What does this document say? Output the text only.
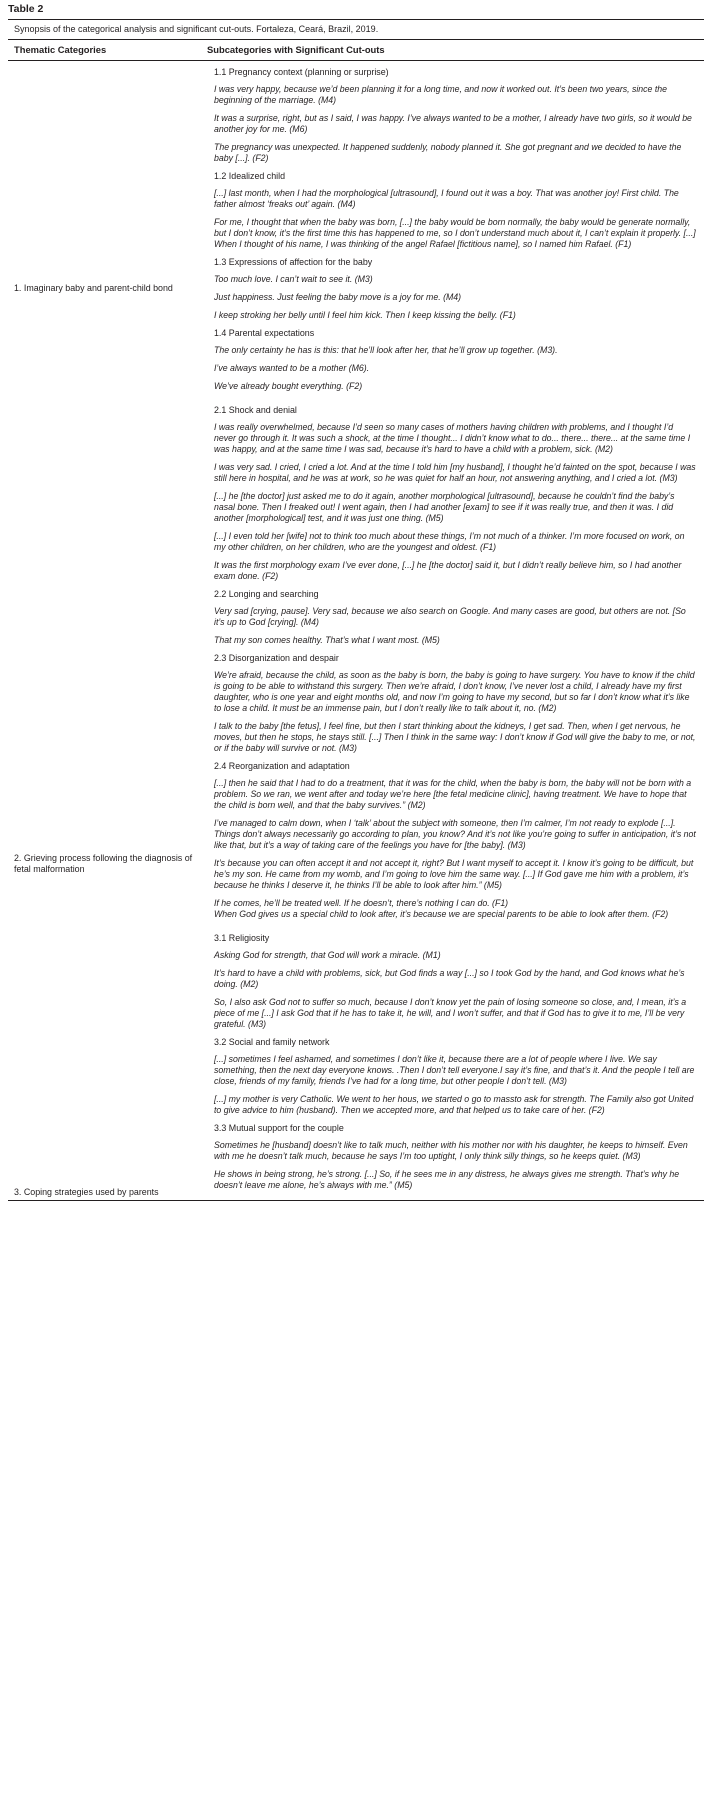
Table 2
Synopsis of the categorical analysis and significant cut-outs. Fortaleza, Ceará, Brazil, 2019.
Thematic Categories	Subcategories with Significant Cut-outs
1. Imaginary baby and parent-child bond
1.1 Pregnancy context (planning or surprise)
I was very happy, because we’d been planning it for a long time, and now it worked out. It’s been two years, since the beginning of the marriage. (M4)
It was a surprise, right, but as I said, I was happy. I’ve always wanted to be a mother, I already have two girls, so it would be another joy for me. (M6)
The pregnancy was unexpected. It happened suddenly, nobody planned it. She got pregnant and we decided to have the baby [...]. (F2)
1.2 Idealized child
[...] last month, when I had the morphological [ultrasound], I found out it was a boy. That was another joy! First child. The father almost ‘freaks out’ again. (M4)
For me, I thought that when the baby was born, [...] the baby would be born normally, the baby would be generate normally, but I don’t know, it’s the first time this has happened to me, so I don’t understand much about it, I can’t explain it properly. [...] When I thought of his name, I was thinking of the angel Rafael [fictitious name], so I named him Rafael. (F1)
1.3 Expressions of affection for the baby
Too much love. I can’t wait to see it. (M3)
Just happiness. Just feeling the baby move is a joy for me. (M4)
I keep stroking her belly until I feel him kick. Then I keep kissing the belly. (F1)
1.4 Parental expectations
The only certainty he has is this: that he’ll look after her, that he’ll grow up together. (M3).
I’ve always wanted to be a mother (M6).
We’ve already bought everything. (F2)
2. Grieving process following the diagnosis of fetal malformation
2.1 Shock and denial
I was really overwhelmed, because I’d seen so many cases of mothers having children with problems, and I thought I’d never go through it. It was such a shock, at the time I thought... I didn’t know what to do... there... there... at the same time I was happy, and at the same time I was sad, because it’s hard to have a child with a problem, sick. (M2)
I was very sad. I cried, I cried a lot. And at the time I told him [my husband], I thought he’d fainted on the spot, because I was still here in hospital, and he was at work, so he was quiet for half an hour, not answering anything, and I cried a lot. (M3)
[...] he [the doctor] just asked me to do it again, another morphological [ultrasound], because he couldn’t find the baby’s nasal bone. Then I freaked out! I went again, then I had another [exam] to see if it was really true, and then it was. I did another [morphological] test, and it was just one thing. (M5)
[...] I even told her [wife] not to think too much about these things, I’m not much of a thinker. I’m more focused on work, on my other children, on her children, who are the youngest and oldest. (F1)
It was the first morphology exam I’ve ever done, [...] he [the doctor] said it, but I didn’t really believe him, so I had another exam done. (F2)
2.2 Longing and searching
Very sad [crying, pause]. Very sad, because we also search on Google. And many cases are good, but others are not. [So it’s up to God [crying]. (M4)
That my son comes healthy. That’s what I want most. (M5)
2.3 Disorganization and despair
We’re afraid, because the child, as soon as the baby is born, the baby is going to have surgery. You have to know if the child is going to be able to withstand this surgery. Then we’re afraid, I don’t know, I’ve never lost a child, I already have my first daughter, who is one year and eight months old, and now I’m going to have my second, but so far I don’t know what it’s like to lose a child. It must be an immense pain, but I don’t really like to talk about it, no. (M2)
I talk to the baby [the fetus], I feel fine, but then I start thinking about the kidneys, I get sad. Then, when I get nervous, he moves, but then he stops, he stays still. [...] Then I think in the same way: I don’t know if God will give the baby to me, or not, or if the baby will survive or not. (M3)
2.4 Reorganization and adaptation
[...] then he said that I had to do a treatment, that it was for the child, when the baby is born, the baby will not be born with a problem. So we ran, we went after and today we’re here [the fetal medicine clinic], having treatment. We have to hope that the child is born well, and that the baby survives.” (M2)
I’ve managed to calm down, when I ‘talk’ about the subject with someone, then I’m calmer, I’m not ready to explode [...]. Things don’t always necessarily go according to plan, you know? And it’s not like you’re going to suffer in anticipation, it’s not like that, but it’s a way of taking care of the feelings you have for [the baby]. (M3)
It’s because you can often accept it and not accept it, right? But I want myself to accept it. I know it’s going to be difficult, but he’s my son. He came from my womb, and I’m going to love him the same way. [...] If God gave me him with a problem, it’s because he thinks I deserve it, he thinks I’ll be able to look after him.” (M5)
If he comes, he’ll be treated well. If he doesn’t, there’s nothing I can do. (F1)
When God gives us a special child to look after, it’s because we are special parents to be able to look after them. (F2)
3. Coping strategies used by parents
3.1 Religiosity
Asking God for strength, that God will work a miracle. (M1)
It’s hard to have a child with problems, sick, but God finds a way [...] so I took God by the hand, and God knows what he’s doing. (M2)
So, I also ask God not to suffer so much, because I don’t know yet the pain of losing someone so close, and, I mean, it’s a piece of me [...] I ask God that if he has to take it, he will, and I won’t suffer, and that if God has to give it to me, I’ll be very grateful. (M3)
3.2 Social and family network
[...] sometimes I feel ashamed, and sometimes I don’t like it, because there are a lot of people where I live. We say something, then the next day everyone knows. .Then I don’t tell everyone.I say it’s fine, and that’s it. And the people I tell are close, friends of my family, friends I’ve had for a long time, but other people I don’t tell. (M3)
[...] my mother is very Catholic. We went to her hous, we started o go to massto ask for strength. The Family also got United to give advice to him (husband). Then we accepted more, and that helped us to take care of her. (F2)
3.3 Mutual support for the couple
Sometimes he [husband] doesn’t like to talk much, neither with his mother nor with his daughter, he keeps to himself. Even with me he doesn’t talk much, because he says I’m too uptight, I only think silly things, so he keeps quiet. (M3)
He shows in being strong, he’s strong. [...] So, if he sees me in any distress, he always gives me strength. That’s why he doesn’t leave me alone, he’s always with me.” (M5)
